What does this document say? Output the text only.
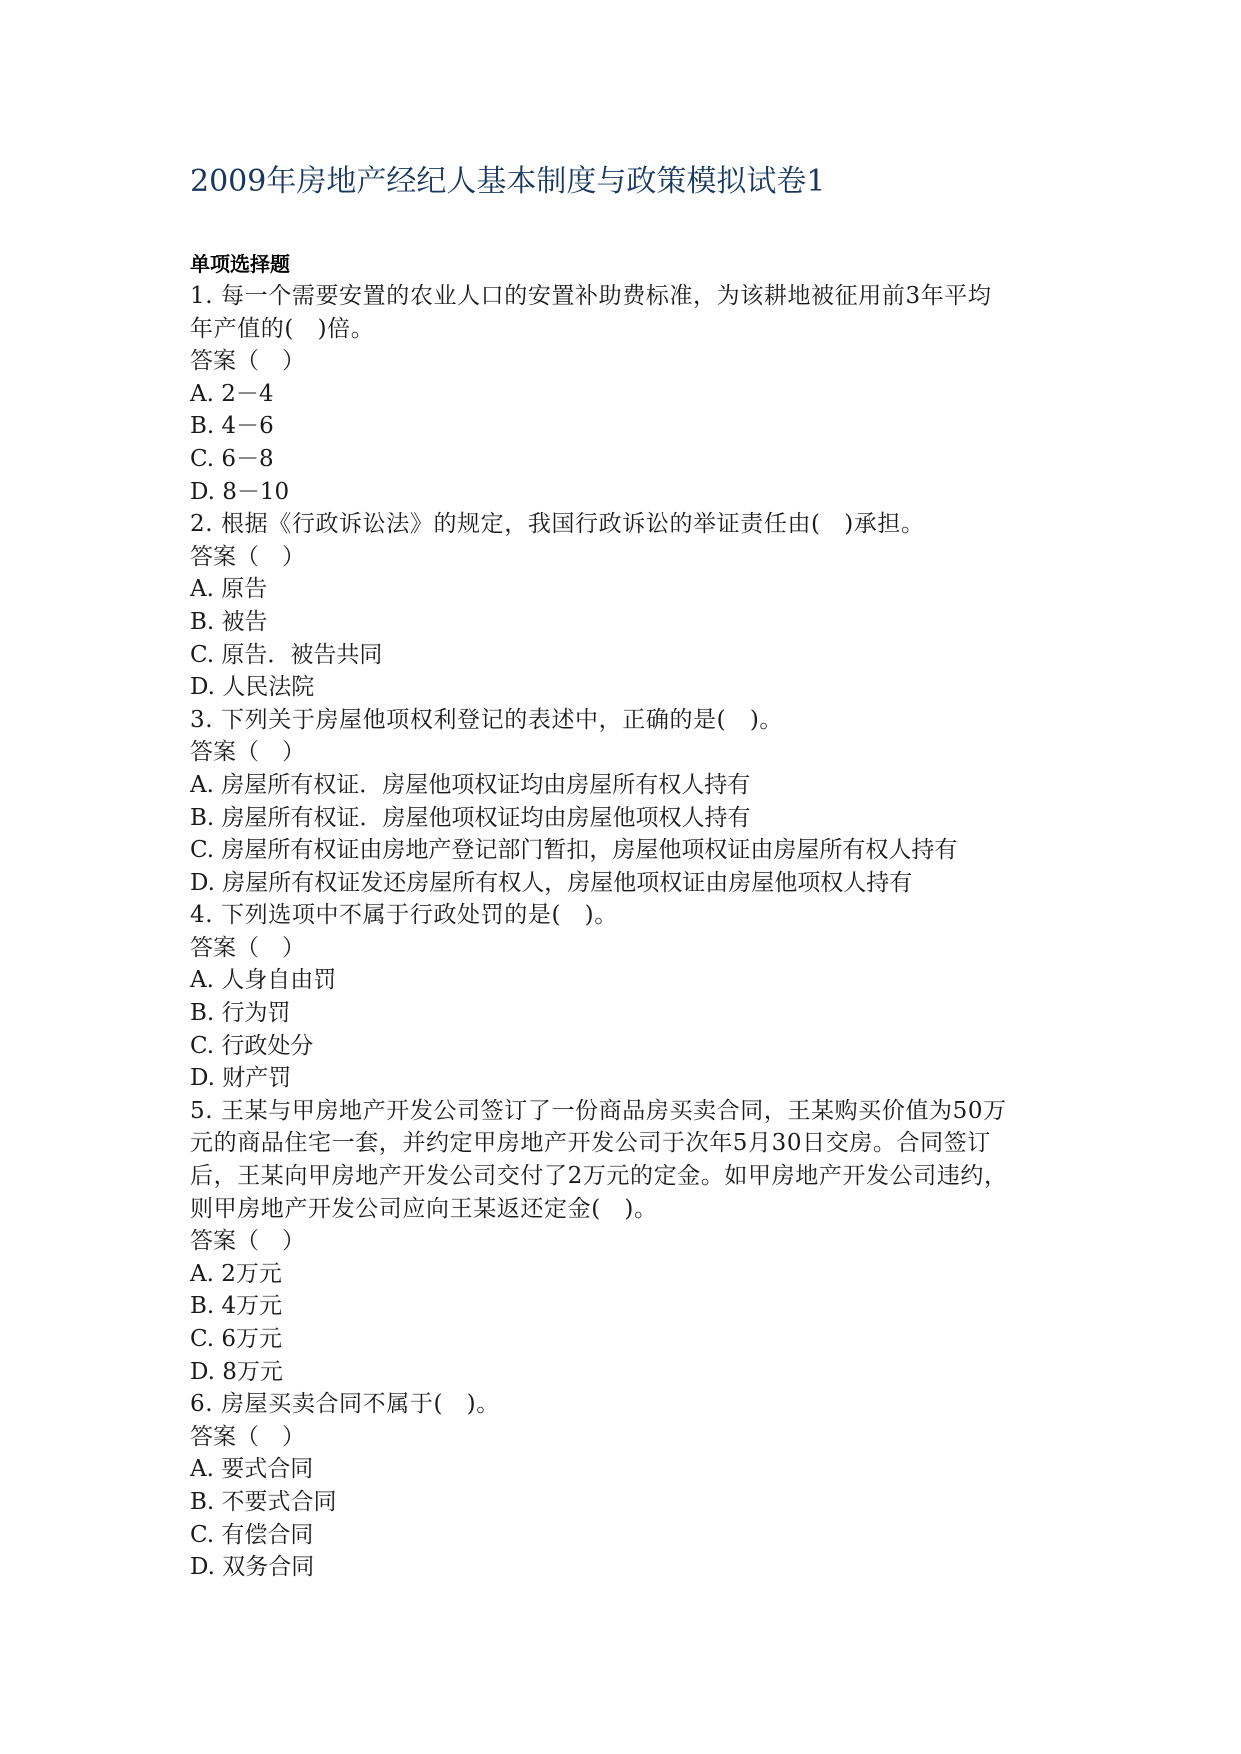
2009年房地产经纪人基本制度与政策模拟试卷1
单项选择题
1. 每一个需要安置的农业人口的安置补助费标准，为该耕地被征用前3年平均
年产值的(　)倍。
答案（　）
A. 2－4
B. 4－6
C. 6－8
D. 8－10
2. 根据《行政诉讼法》的规定，我国行政诉讼的举证责任由(　)承担。
答案（　）
A. 原告
B. 被告
C. 原告．被告共同
D. 人民法院
3. 下列关于房屋他项权利登记的表述中，正确的是(　)。
答案（　）
A. 房屋所有权证．房屋他项权证均由房屋所有权人持有
B. 房屋所有权证．房屋他项权证均由房屋他项权人持有
C. 房屋所有权证由房地产登记部门暂扣，房屋他项权证由房屋所有权人持有
D. 房屋所有权证发还房屋所有权人，房屋他项权证由房屋他项权人持有
4. 下列选项中不属于行政处罚的是(　)。
答案（　）
A. 人身自由罚
B. 行为罚
C. 行政处分
D. 财产罚
5. 王某与甲房地产开发公司签订了一份商品房买卖合同，王某购买价值为50万
元的商品住宅一套，并约定甲房地产开发公司于次年5月30日交房。合同签订
后，王某向甲房地产开发公司交付了2万元的定金。如甲房地产开发公司违约，
则甲房地产开发公司应向王某返还定金(　)。
答案（　）
A. 2万元
B. 4万元
C. 6万元
D. 8万元
6. 房屋买卖合同不属于(　)。
答案（　）
A. 要式合同
B. 不要式合同
C. 有偿合同
D. 双务合同
